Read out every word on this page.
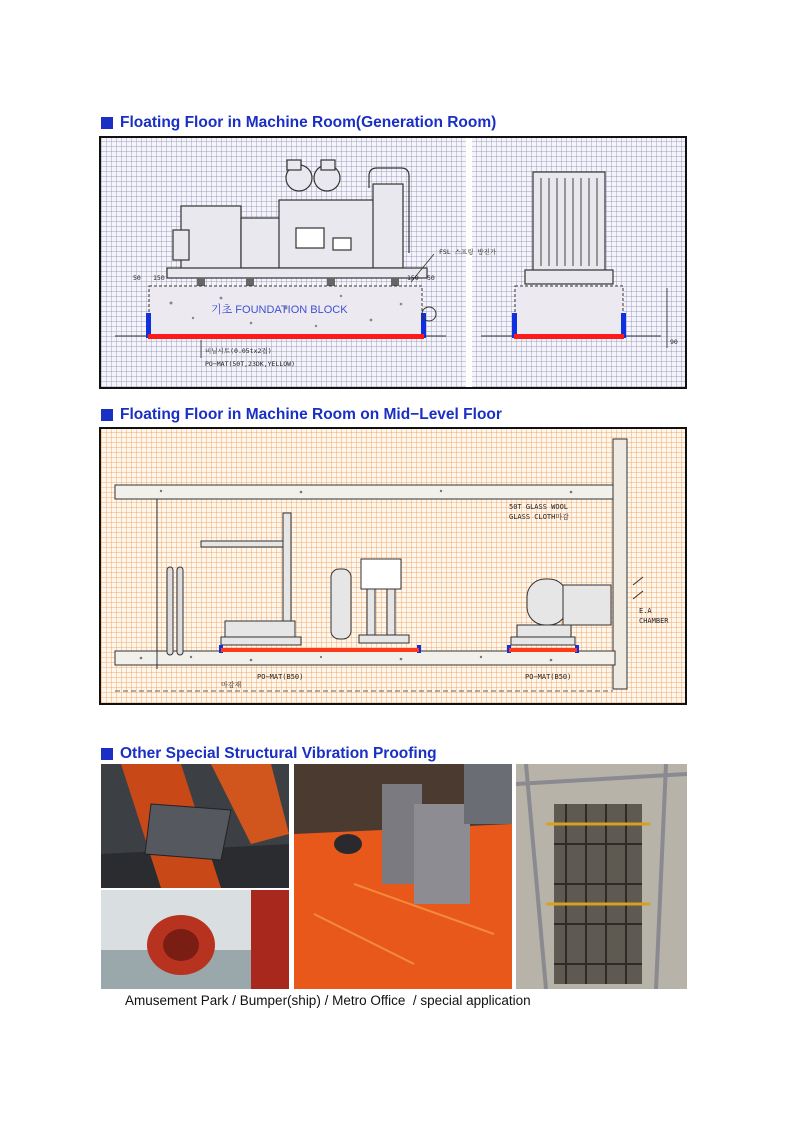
Floating Floor in Machine Room(Generation Room)
FSL 스프링 방진가
기초 FOUNDATION BLOCK
비닐시트(0.05tx2겹)
PO−MAT(50T,23DK,YELLOW)
50 150	150 50
90
Floating Floor in Machine Room on Mid−Level Floor
50T GLASS WOOL
GLASS CLOTH마감
E.A
CHAMBER
PO−MAT(B50)	PO−MAT(B50)
마감재
Other Special Structural Vibration Proofing
Amusement Park / Bumper(ship) / Metro Office  / special application
